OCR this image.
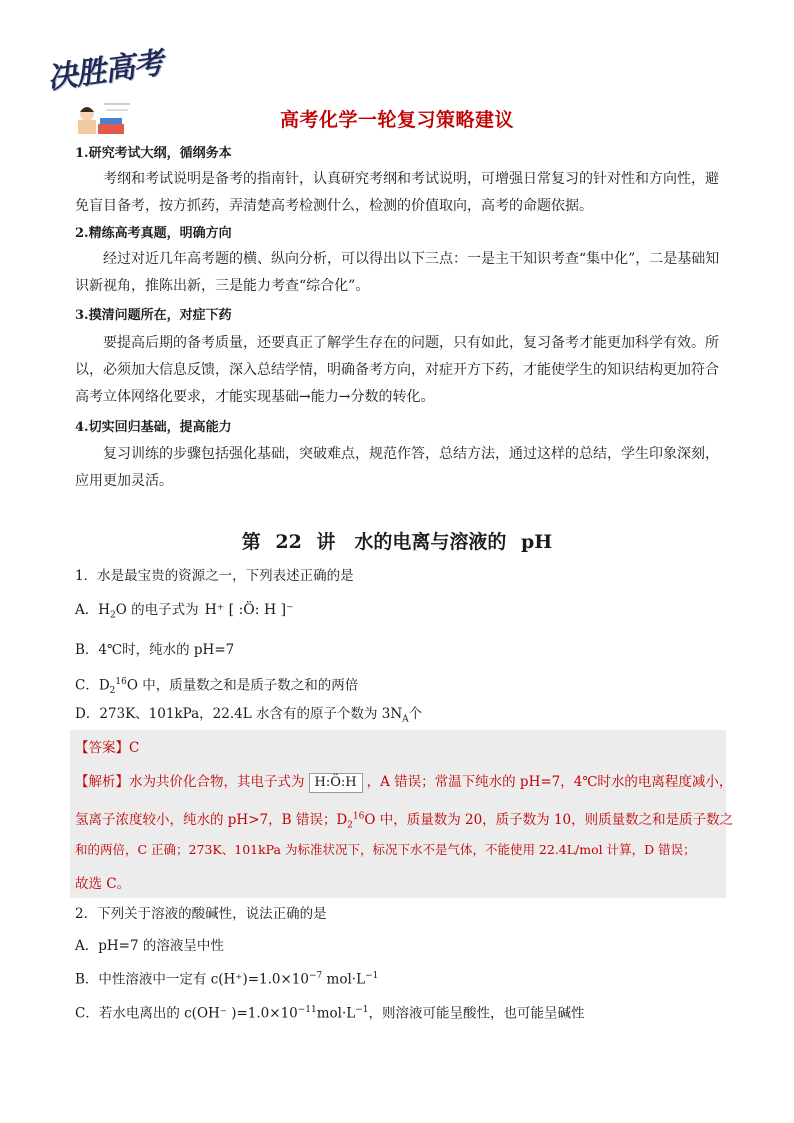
决胜高考
高考化学一轮复习策略建议

1.研究考试大纲，循纲务本

考纲和考试说明是备考的指南针，认真研究考纲和考试说明，可增强日常复习的针对性和方向性，避免盲目备考，按方抓药，弄清楚高考检测什么，检测的价值取向，高考的命题依据。

2.精练高考真题，明确方向

经过对近几年高考题的横、纵向分析，可以得出以下三点：一是主干知识考查“集中化”，二是基础知识新视角，推陈出新，三是能力考查“综合化”。

3.摸清问题所在，对症下药

要提高后期的备考质量，还要真正了解学生存在的问题，只有如此，复习备考才能更加科学有效。所以，必须加大信息反馈，深入总结学情，明确备考方向，对症开方下药，才能使学生的知识结构更加符合高考立体网络化要求，才能实现基础→能力→分数的转化。

4.切实回归基础，提高能力

复习训练的步骤包括强化基础，突破难点，规范作答，总结方法，通过这样的总结，学生印象深刻，应用更加灵活。

第 22 讲　水的电离与溶液的 pH

1．水是最宝贵的资源之一，下列表述正确的是

A．$H_2O$ 的电子式为 H⁺ [ :Ö: H ]⁻

B．4℃时，纯水的 pH=7

C．$D_2^{16}O$ 中，质量数之和是质子数之和的两倍

D．273K、101kPa，22.4L 水含有的原子个数为 $3N_A$个

【答案】C

【解析】水为共价化合物，其电子式为 H:Ö:H ，A 错误；常温下纯水的 pH=7，4℃时水的电离程度减小，

氢离子浓度较小，纯水的 pH>7，B 错误；$D_2^{16}O$ 中，质量数为 20，质子数为 10，则质量数之和是质子数之

和的两倍，C 正确；273K、101kPa 为标准状况下，标况下水不是气体，不能使用 22.4L/mol 计算，D 错误；

故选 C。

2．下列关于溶液的酸碱性，说法正确的是

A．pH=7 的溶液呈中性

B．中性溶液中一定有 $c(H^+)=1.0\times 10^{-7}$ $mol\cdot L^{-1}$

C．若水电离出的 c(OH⁻ )$=1.0\times 10^{-11}mol\cdot L^{-1}$，则溶液可能呈酸性，也可能呈碱性
